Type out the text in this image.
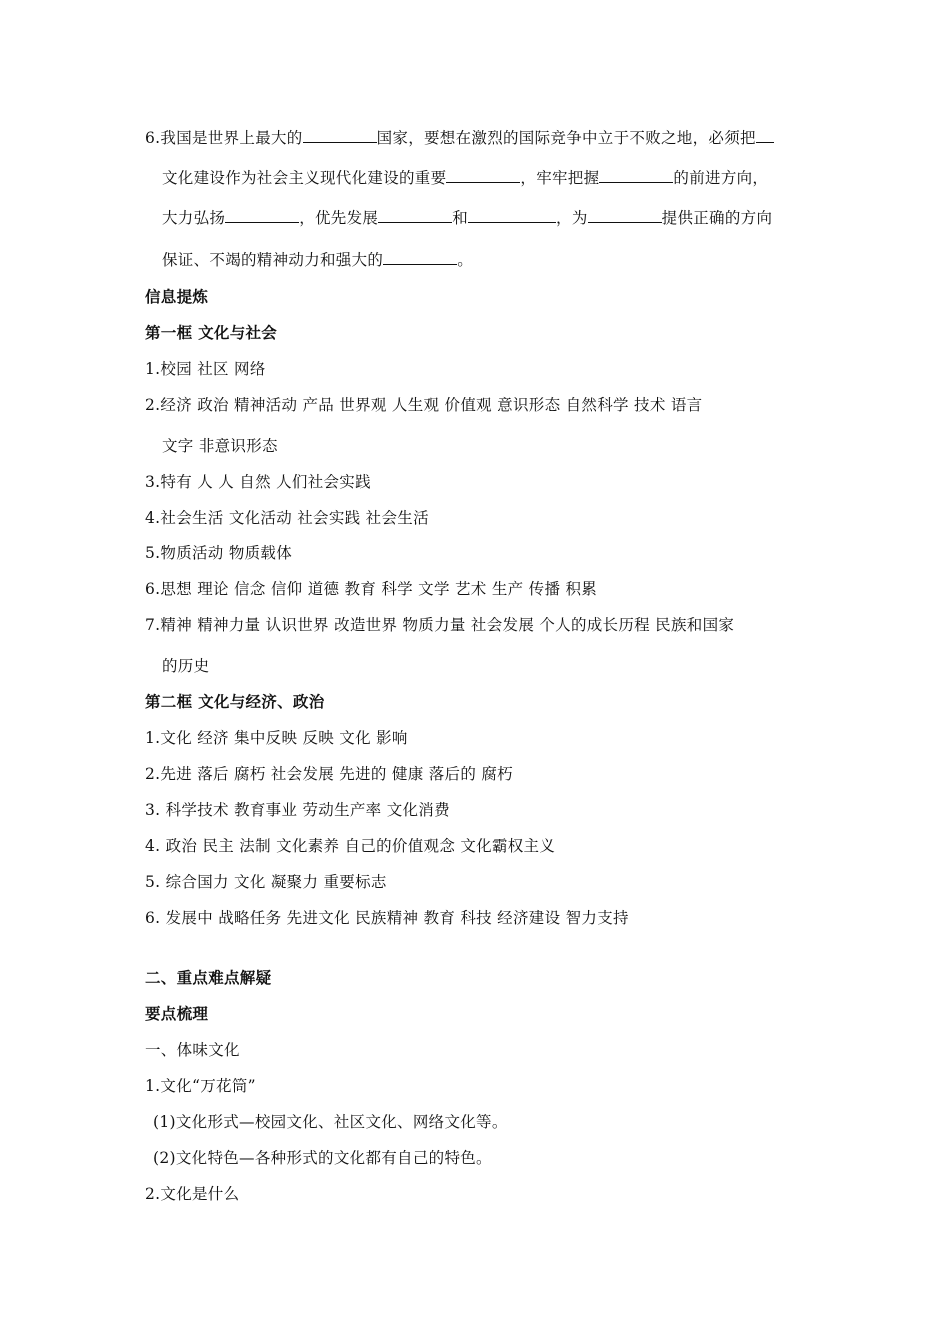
6.我国是世界上最大的	国家，要想在激烈的国际竞争中立于不败之地，必须把
文化建设作为社会主义现代化建设的重要	，牢牢把握	的前进方向，
大力弘扬	，优先发展	和	，为	提供正确的方向
保证、不竭的精神动力和强大的	。
信息提炼
第一框 文化与社会
1.校园 社区 网络
2.经济 政治 精神活动 产品 世界观 人生观 价值观 意识形态 自然科学 技术 语言
文字 非意识形态
3.特有 人 人 自然 人们社会实践
4.社会生活 文化活动 社会实践 社会生活
5.物质活动 物质载体
6.思想 理论 信念 信仰 道德 教育 科学 文学 艺术 生产 传播 积累
7.精神 精神力量 认识世界 改造世界 物质力量 社会发展 个人的成长历程 民族和国家
的历史
第二框 文化与经济、政治
1.文化 经济 集中反映 反映 文化 影响
2.先进 落后 腐朽 社会发展 先进的 健康 落后的 腐朽
3. 科学技术 教育事业 劳动生产率 文化消费
4. 政治 民主 法制 文化素养 自己的价值观念 文化霸权主义
5. 综合国力 文化 凝聚力 重要标志
6. 发展中 战略任务 先进文化 民族精神 教育 科技 经济建设 智力支持
二、重点难点解疑
要点梳理
一、体味文化
1.文化“万花筒”
(1)文化形式—校园文化、社区文化、网络文化等。
(2)文化特色—各种形式的文化都有自己的特色。
2.文化是什么
